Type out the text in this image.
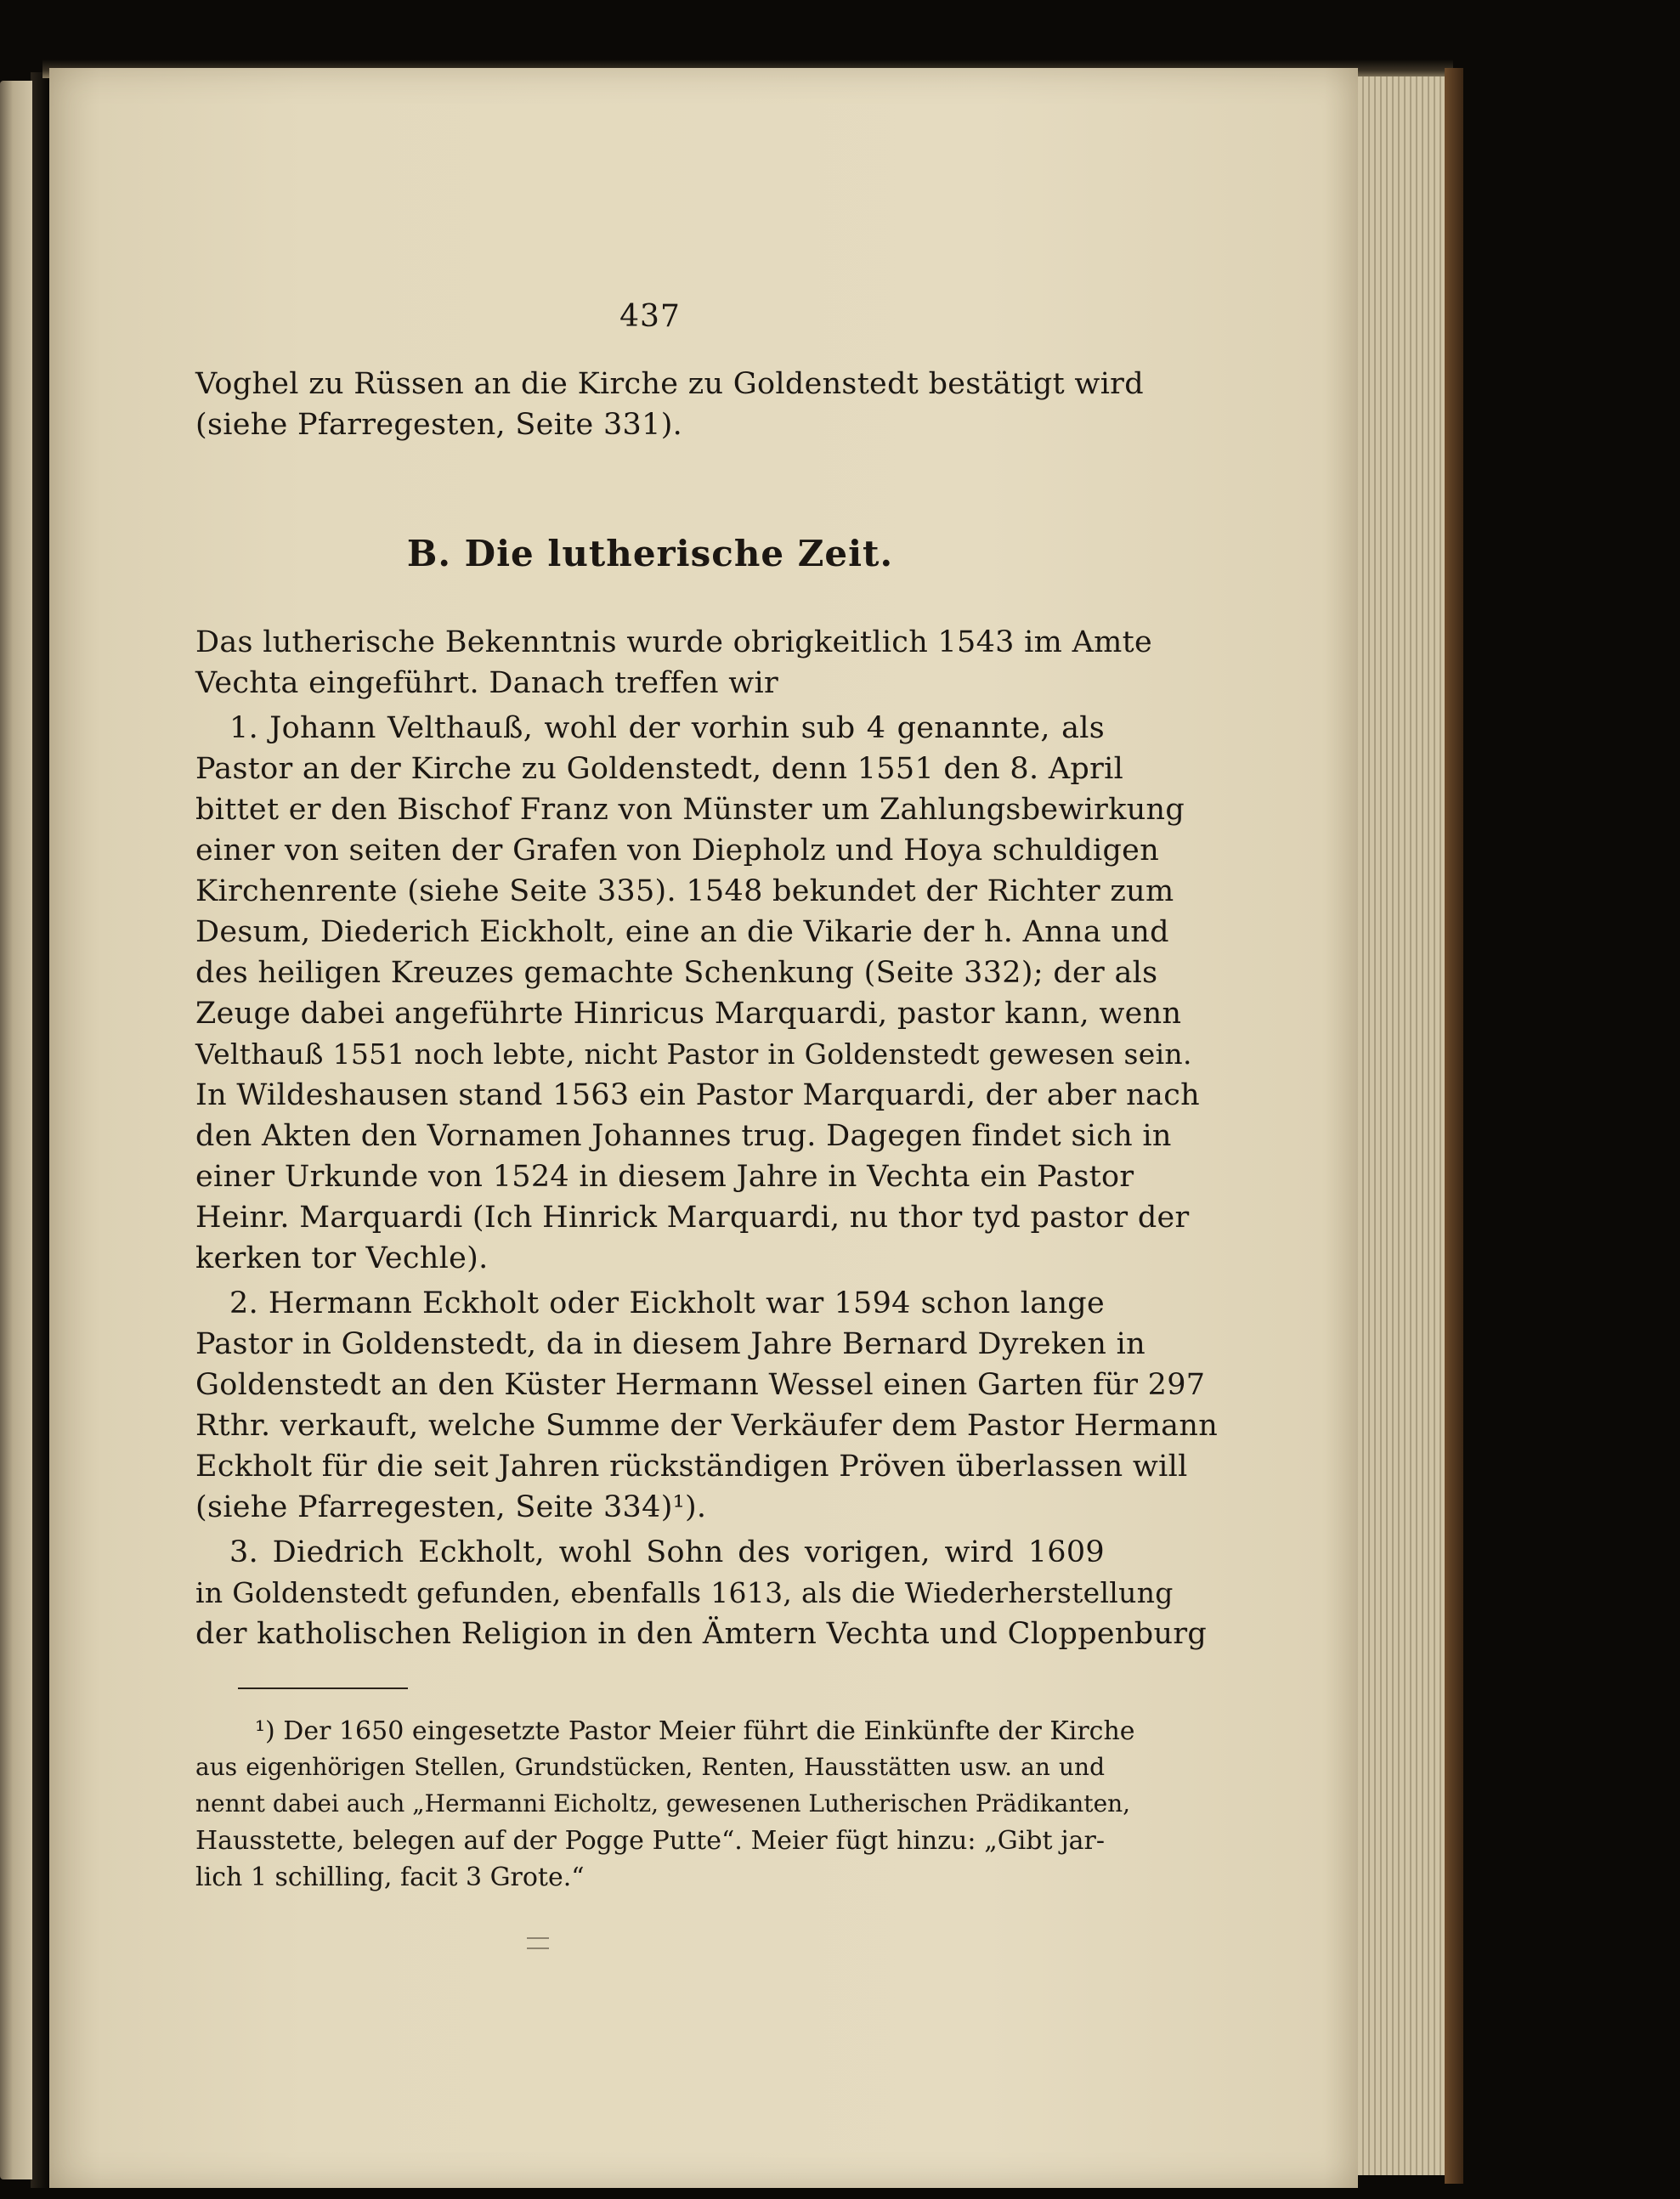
437
Voghel zu Rüssen an die Kirche zu Goldenstedt bestätigt wird
(siehe Pfarregesten, Seite 331).
B. Die lutherische Zeit.
Das lutherische Bekenntnis wurde obrigkeitlich 1543 im Amte
Vechta eingeführt. Danach treffen wir
1. Johann Velthauß, wohl der vorhin sub 4 genannte, als
Pastor an der Kirche zu Goldenstedt, denn 1551 den 8. April
bittet er den Bischof Franz von Münster um Zahlungsbewirkung
einer von seiten der Grafen von Diepholz und Hoya schuldigen
Kirchenrente (siehe Seite 335). 1548 bekundet der Richter zum
Desum, Diederich Eickholt, eine an die Vikarie der h. Anna und
des heiligen Kreuzes gemachte Schenkung (Seite 332); der als
Zeuge dabei angeführte Hinricus Marquardi, pastor kann, wenn
Velthauß 1551 noch lebte, nicht Pastor in Goldenstedt gewesen sein.
In Wildeshausen stand 1563 ein Pastor Marquardi, der aber nach
den Akten den Vornamen Johannes trug. Dagegen findet sich in
einer Urkunde von 1524 in diesem Jahre in Vechta ein Pastor
Heinr. Marquardi (Ich Hinrick Marquardi, nu thor tyd pastor der
kerken tor Vechle).
2. Hermann Eckholt oder Eickholt war 1594 schon lange
Pastor in Goldenstedt, da in diesem Jahre Bernard Dyreken in
Goldenstedt an den Küster Hermann Wessel einen Garten für 297
Rthr. verkauft, welche Summe der Verkäufer dem Pastor Hermann
Eckholt für die seit Jahren rückständigen Pröven überlassen will
(siehe Pfarregesten, Seite 334)¹).
3. Diedrich Eckholt, wohl Sohn des vorigen, wird 1609
in Goldenstedt gefunden, ebenfalls 1613, als die Wiederherstellung
der katholischen Religion in den Ämtern Vechta und Cloppenburg
¹) Der 1650 eingesetzte Pastor Meier führt die Einkünfte der Kirche
aus eigenhörigen Stellen, Grundstücken, Renten, Hausstätten usw. an und
nennt dabei auch „Hermanni Eicholtz, gewesenen Lutherischen Prädikanten,
Hausstette, belegen auf der Pogge Putte“. Meier fügt hinzu: „Gibt jar-
lich 1 schilling, facit 3 Grote.“
